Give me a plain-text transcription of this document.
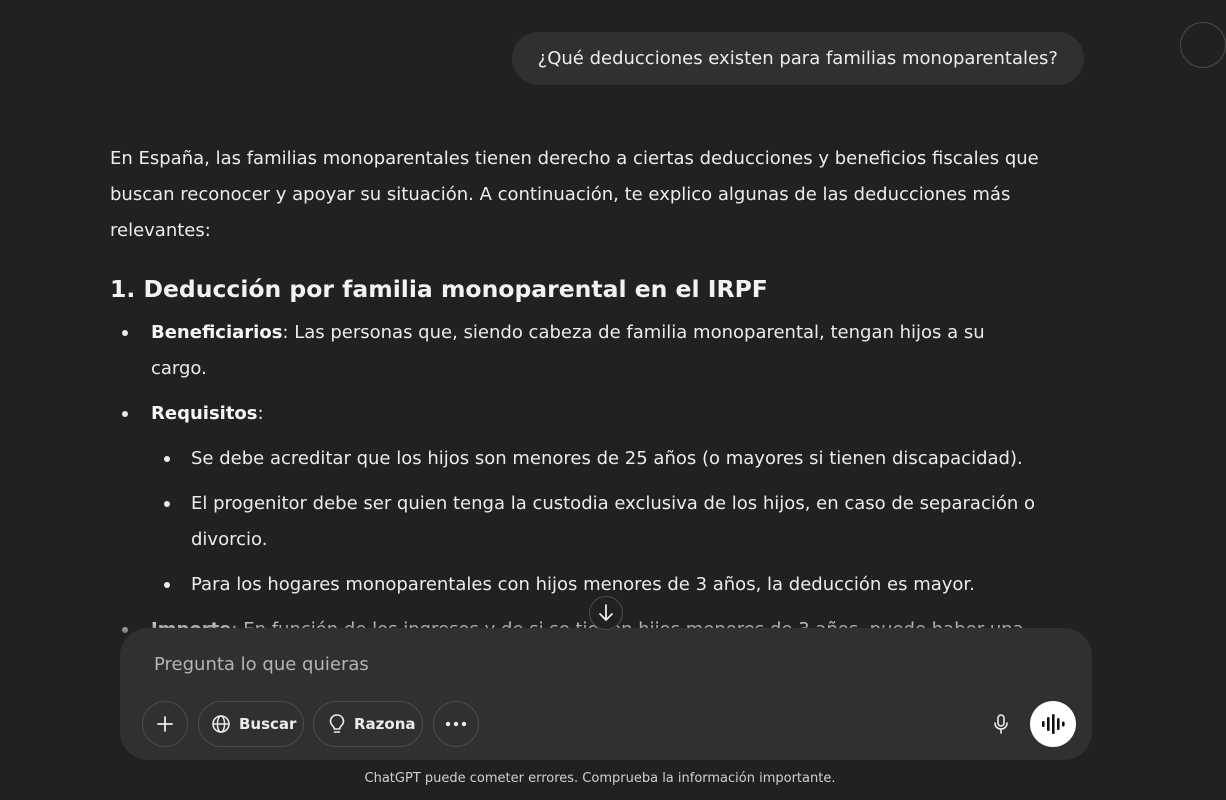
¿Qué deducciones existen para familias monoparentales?

En España, las familias monoparentales tienen derecho a ciertas deducciones y beneficios fiscales que buscan reconocer y apoyar su situación. A continuación, te explico algunas de las deducciones más relevantes:

1. Deducción por familia monoparental en el IRPF
Beneficiarios: Las personas que, siendo cabeza de familia monoparental, tengan hijos a su cargo.
Requisitos:
Se debe acreditar que los hijos son menores de 25 años (o mayores si tienen discapacidad).
El progenitor debe ser quien tenga la custodia exclusiva de los hijos, en caso de separación o divorcio.
Para los hogares monoparentales con hijos menores de 3 años, la deducción es mayor.
Pregunta lo que quieras
Buscar	Razona
ChatGPT puede cometer errores. Comprueba la información importante.
